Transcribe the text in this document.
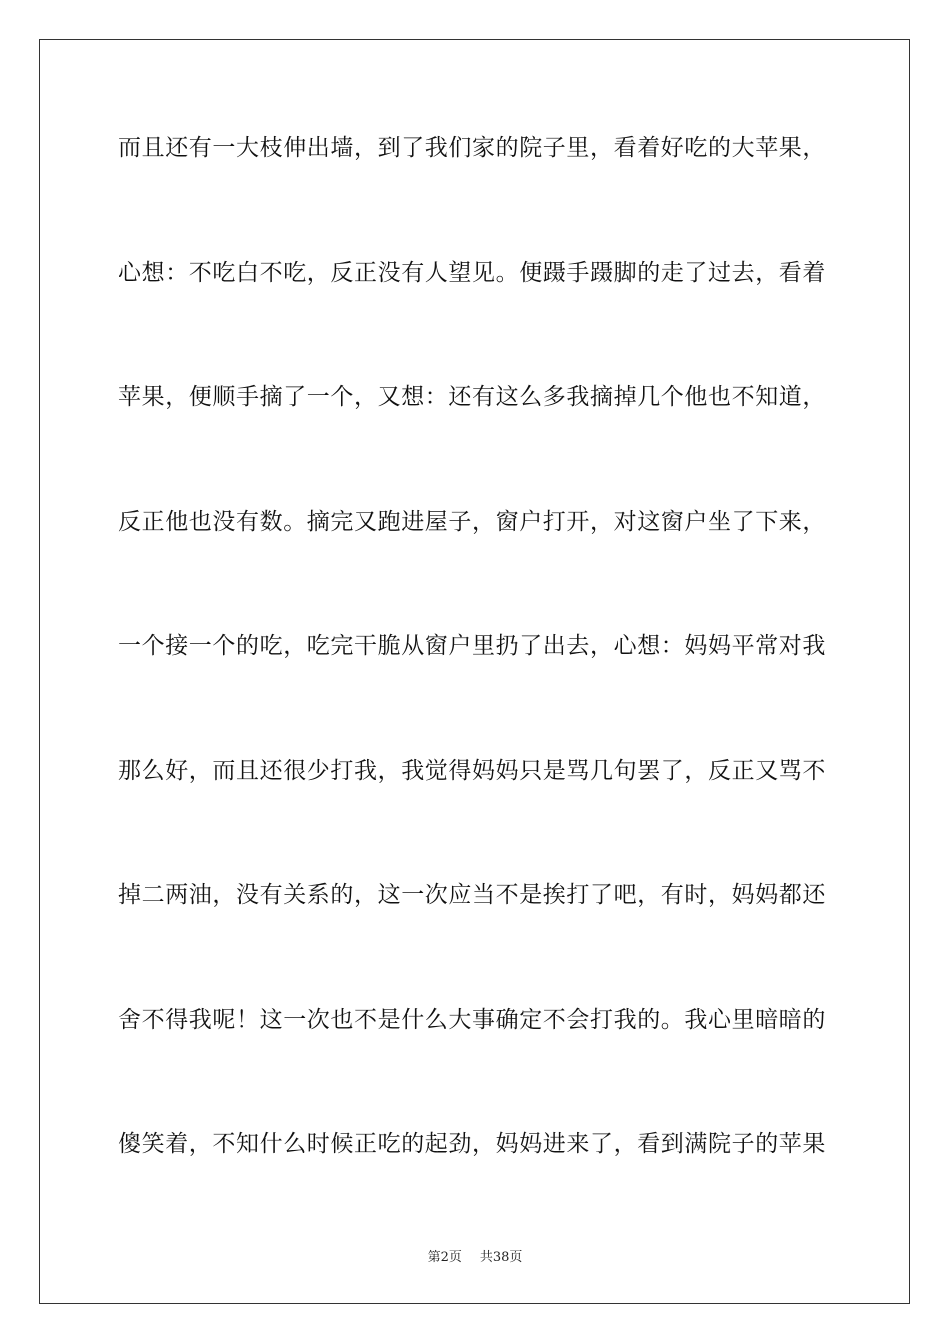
而且还有一大枝伸出墙，到了我们家的院子里，看着好吃的大苹果，
心想：不吃白不吃，反正没有人望见。便蹑手蹑脚的走了过去，看着
苹果，便顺手摘了一个，又想：还有这么多我摘掉几个他也不知道，
反正他也没有数。摘完又跑进屋子，窗户打开，对这窗户坐了下来，
一个接一个的吃，吃完干脆从窗户里扔了出去，心想：妈妈平常对我
那么好，而且还很少打我，我觉得妈妈只是骂几句罢了，反正又骂不
掉二两油，没有关系的，这一次应当不是挨打了吧，有时，妈妈都还
舍不得我呢！这一次也不是什么大事确定不会打我的。我心里暗暗的
傻笑着，不知什么时候正吃的起劲，妈妈进来了，看到满院子的苹果
第2页 共38页
